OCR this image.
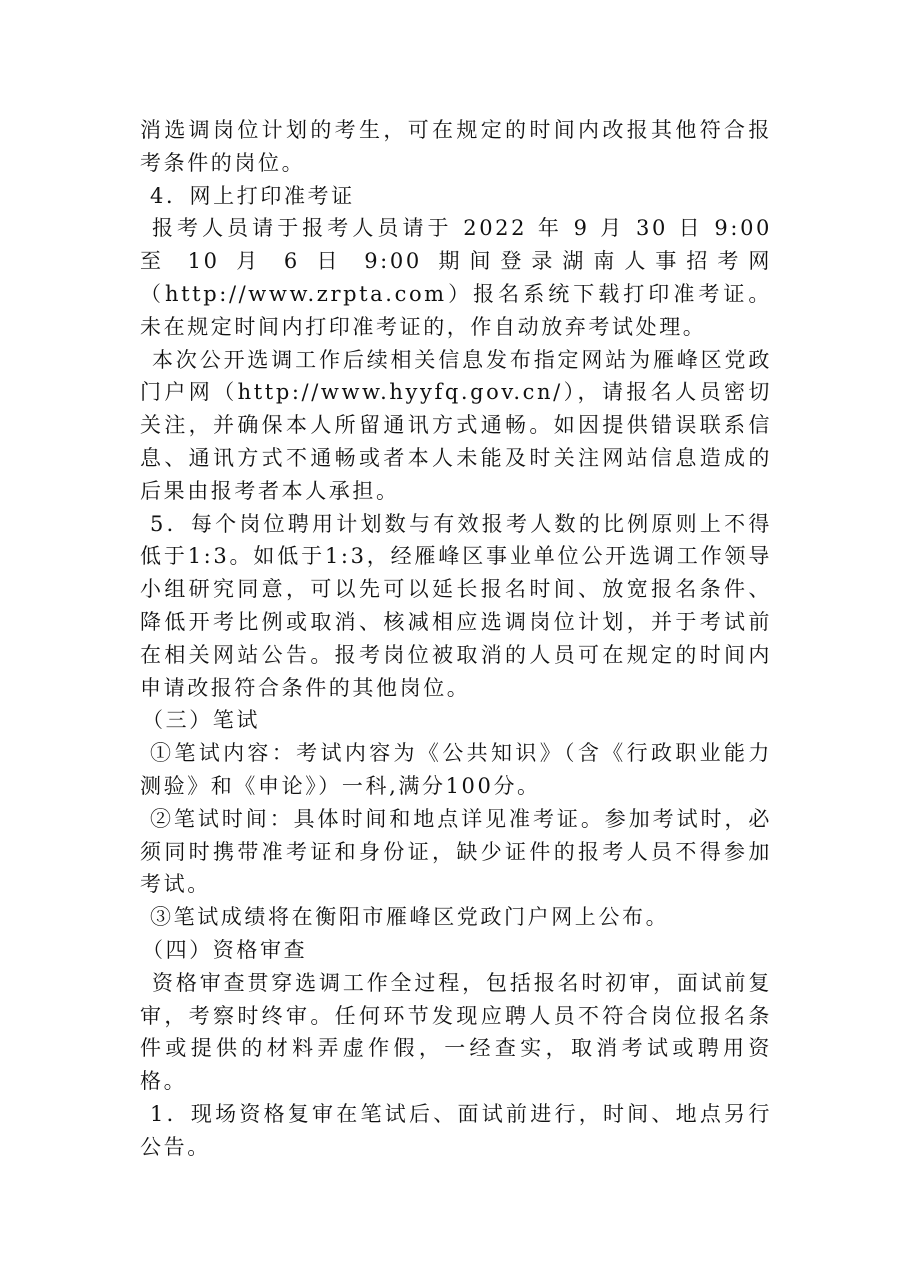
消选调岗位计划的考生，可在规定的时间内改报其他符合报考条件的岗位。

4．网上打印准考证

报考人员请于报考人员请于 2022 年 9 月 30 日 9:00 至 10 月 6 日 9:00 期间登录湖南人事招考网（http://www.zrpta.com）报名系统下载打印准考证。未在规定时间内打印准考证的，作自动放弃考试处理。

本次公开选调工作后续相关信息发布指定网站为雁峰区党政门户网（http://www.hyyfq.gov.cn/），请报名人员密切关注，并确保本人所留通讯方式通畅。如因提供错误联系信息、通讯方式不通畅或者本人未能及时关注网站信息造成的后果由报考者本人承担。

5．每个岗位聘用计划数与有效报考人数的比例原则上不得低于1:3。如低于1:3，经雁峰区事业单位公开选调工作领导小组研究同意，可以先可以延长报名时间、放宽报名条件、降低开考比例或取消、核减相应选调岗位计划，并于考试前在相关网站公告。报考岗位被取消的人员可在规定的时间内申请改报符合条件的其他岗位。

（三）笔试

①笔试内容：考试内容为《公共知识》（含《行政职业能力测验》和《申论》）一科,满分100分。

②笔试时间：具体时间和地点详见准考证。参加考试时，必须同时携带准考证和身份证，缺少证件的报考人员不得参加考试。

③笔试成绩将在衡阳市雁峰区党政门户网上公布。

（四）资格审查

资格审查贯穿选调工作全过程，包括报名时初审，面试前复审，考察时终审。任何环节发现应聘人员不符合岗位报名条件或提供的材料弄虚作假，一经查实，取消考试或聘用资格。

1．现场资格复审在笔试后、面试前进行，时间、地点另行公告。
